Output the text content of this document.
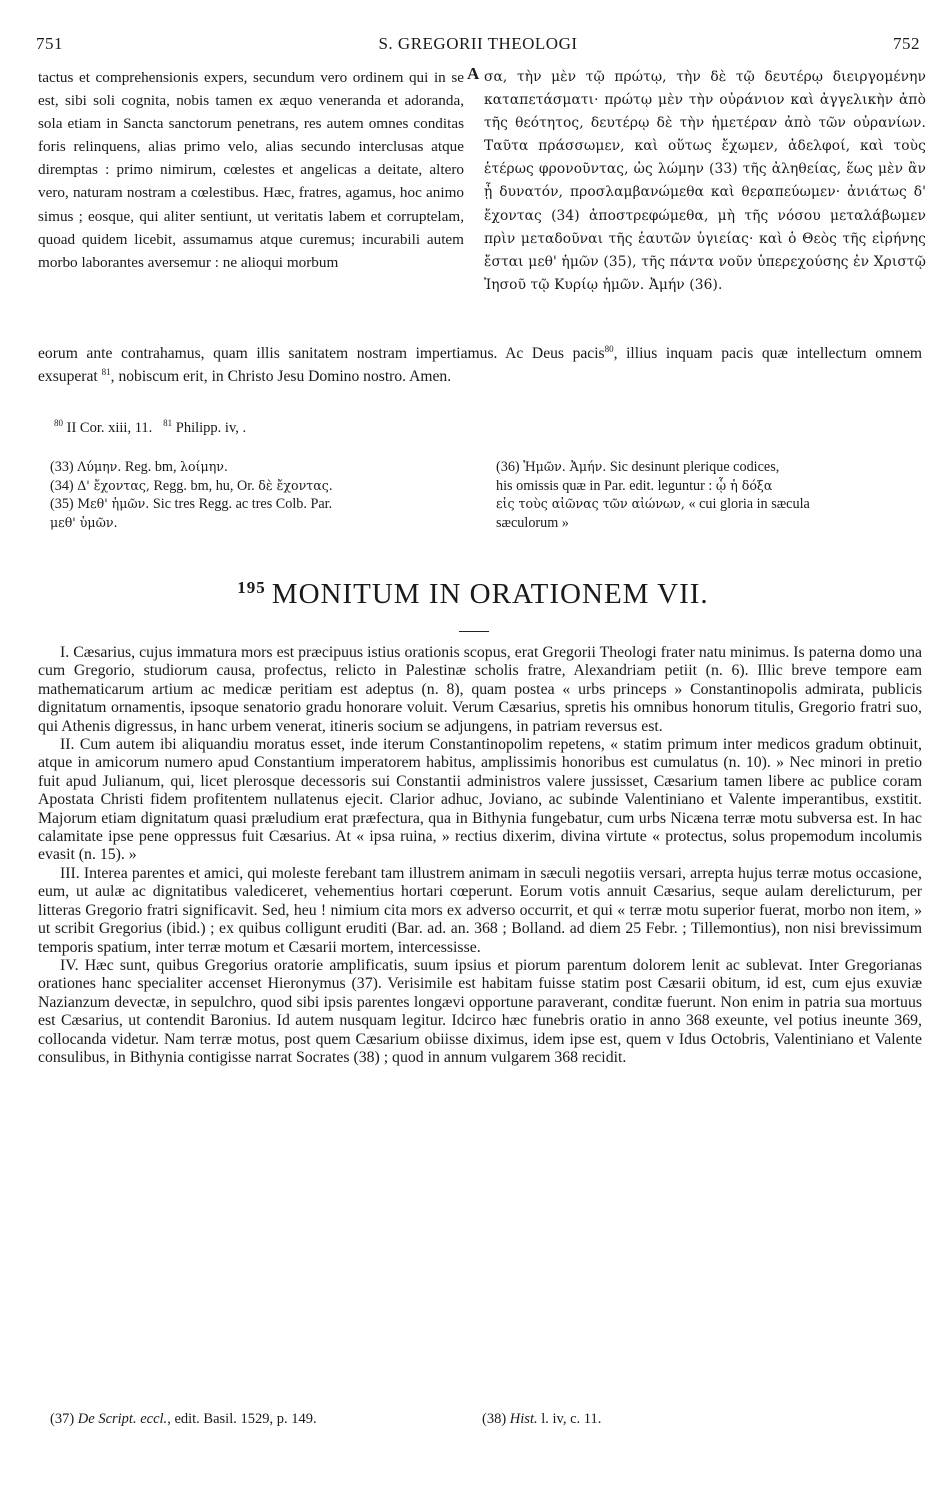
751	S. GREGORII THEOLOGI	752

tactus et comprehensionis expers, secundum vero ordinem qui in se est, sibi soli cognita, nobis tamen ex æquo veneranda et adoranda, sola etiam in Sancta sanctorum penetrans, res autem omnes conditas foris relinquens, alias primo velo, alias secundo interclusas atque diremptas : primo nimirum, cœlestes et angelicas a deitate, altero vero, naturam nostram a cœlestibus. Hæc, fratres, agamus, hoc animo simus ; eosque, qui aliter sentiunt, ut veritatis labem et corruptelam, quoad quidem licebit, assumamus atque curemus; incurabili autem morbo laborantes aversemur : ne alioqui morbum

A σα, τὴν μὲν τῷ πρώτῳ, τὴν δὲ τῷ δευτέρῳ διειργομένην καταπετάσματι· πρώτῳ μὲν τὴν οὐράνιον καὶ ἀγγελικὴν ἀπὸ τῆς θεότητος, δευτέρῳ δὲ τὴν ἡμετέραν ἀπὸ τῶν οὐρανίων. Ταῦτα πράσσωμεν, καὶ οὕτως ἔχωμεν, ἀδελφοί, καὶ τοὺς ἑτέρως φρονοῦντας, ὡς λώμην (33) τῆς ἀληθείας, ἕως μὲν ἂν ᾖ δυνατόν, προσλαμβανώμεθα καὶ θεραπεύωμεν· ἀνιάτως δ' ἔχοντας (34) ἀποστρεφώμεθα, μὴ τῆς νόσου μεταλάβωμεν πρὶν μεταδοῦναι τῆς ἑαυτῶν ὑγιείας· καὶ ὁ Θεὸς τῆς εἰρήνης ἔσται μεθ' ἡμῶν (35), τῆς πάντα νοῦν ὑπερεχούσης ἐν Χριστῷ Ἰησοῦ τῷ Κυρίῳ ἡμῶν. Ἀμήν (36).

eorum ante contrahamus, quam illis sanitatem nostram impertiamus. Ac Deus pacis$^{80}$, illius inquam pacis quæ intellectum omnem exsuperat $^{81}$, nobiscum erit, in Christo Jesu Domino nostro. Amen.

$^{80}$ II Cor. xiii, 11. $^{81}$ Philipp. iv, .
(33) Λύμην. Reg. bm, λοίμην.
(34) Δ' ἔχοντας, Regg. bm, hu, Or. δὲ ἔχοντας.
(35) Μεθ' ἡμῶν. Sic tres Regg. ac tres Colb. Par.
μεθ' ὑμῶν.
(36) Ἡμῶν. Ἀμήν. Sic desinunt plerique codices,
his omissis quæ in Par. edit. leguntur : ᾧ ἡ δόξα
εἰς τοὺς αἰῶνας τῶν αἰώνων, « cui gloria in sæcula
sæculorum »
$^{195}$ MONITUM IN ORATIONEM VII.

I. Cæsarius, cujus immatura mors est præcipuus istius orationis scopus, erat Gregorii Theologi frater natu minimus. Is paterna domo una cum Gregorio, studiorum causa, profectus, relicto in Palestinæ scholis fratre, Alexandriam petiit (n. 6). Illic breve tempore eam mathematicarum artium ac medicæ peritiam est adeptus (n. 8), quam postea « urbs princeps » Constantinopolis admirata, publicis dignitatum ornamentis, ipsoque senatorio gradu honorare voluit. Verum Cæsarius, spretis his omnibus honorum titulis, Gregorio fratri suo, qui Athenis digressus, in hanc urbem venerat, itineris socium se adjungens, in patriam reversus est.

II. Cum autem ibi aliquandiu moratus esset, inde iterum Constantinopolim repetens, « statim primum inter medicos gradum obtinuit, atque in amicorum numero apud Constantium imperatorem habitus, amplissimis honoribus est cumulatus (n. 10). » Nec minori in pretio fuit apud Julianum, qui, licet plerosque decessoris sui Constantii administros valere jussisset, Cæsarium tamen libere ac publice coram Apostata Christi fidem profitentem nullatenus ejecit. Clarior adhuc, Joviano, ac subinde Valentiniano et Valente imperantibus, exstitit. Majorum etiam dignitatum quasi præludium erat præfectura, qua in Bithynia fungebatur, cum urbs Nicæna terræ motu subversa est. In hac calamitate ipse pene oppressus fuit Cæsarius. At « ipsa ruina, » rectius dixerim, divina virtute « protectus, solus propemodum incolumis evasit (n. 15). »

III. Interea parentes et amici, qui moleste ferebant tam illustrem animam in sæculi negotiis versari, arrepta hujus terræ motus occasione, eum, ut aulæ ac dignitatibus valediceret, vehementius hortari cœperunt. Eorum votis annuit Cæsarius, seque aulam derelicturum, per litteras Gregorio fratri significavit. Sed, heu ! nimium cita mors ex adverso occurrit, et qui « terræ motu superior fuerat, morbo non item, » ut scribit Gregorius (ibid.) ; ex quibus colligunt eruditi (Bar. ad. an. 368 ; Bolland. ad diem 25 Febr. ; Tillemontius), non nisi brevissimum temporis spatium, inter terræ motum et Cæsarii mortem, intercessisse.

IV. Hæc sunt, quibus Gregorius oratorie amplificatis, suum ipsius et piorum parentum dolorem lenit ac sublevat. Inter Gregorianas orationes hanc specialiter accenset Hieronymus (37). Verisimile est habitam fuisse statim post Cæsarii obitum, id est, cum ejus exuviæ Nazianzum devectæ, in sepulchro, quod sibi ipsis parentes longævi opportune paraverant, conditæ fuerunt. Non enim in patria sua mortuus est Cæsarius, ut contendit Baronius. Id autem nusquam legitur. Idcirco hæc funebris oratio in anno 368 exeunte, vel potius ineunte 369, collocanda videtur. Nam terræ motus, post quem Cæsarium obiisse diximus, idem ipse est, quem v Idus Octobris, Valentiniano et Valente consulibus, in Bithynia contigisse narrat Socrates (38) ; quod in annum vulgarem 368 recidit.

(37) De Script. eccl., edit. Basil. 1529, p. 149.	(38) Hist. l. iv, c. 11.
